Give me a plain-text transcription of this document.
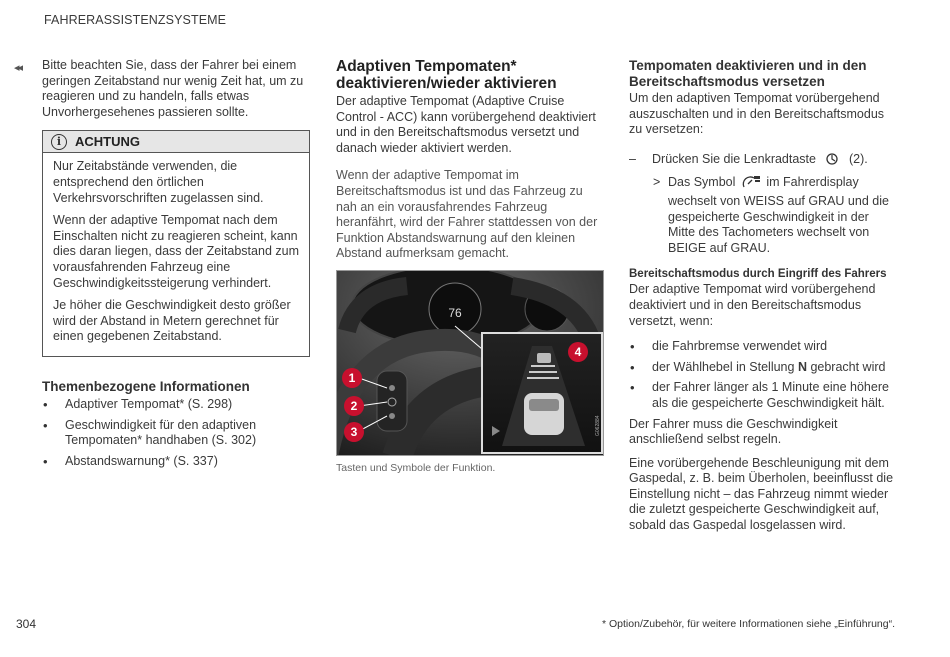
FAHRERASSISTENZSYSTEME
◂◂ Bitte beachten Sie, dass der Fahrer bei einem geringen Zeitabstand nur wenig Zeit hat, um zu reagieren und zu handeln, falls etwas Unvorhergesehenes passieren sollte.

i	ACHTUNG

Nur Zeitabstände verwenden, die entsprechend den örtlichen Verkehrsvorschriften zugelassen sind.

Wenn der adaptive Tempomat nach dem Einschalten nicht zu reagieren scheint, kann dies daran liegen, dass der Zeitabstand zum vorausfahrenden Fahrzeug eine Geschwindigkeitssteigerung verhindert.

Je höher die Geschwindigkeit desto größer wird der Abstand in Metern gerechnet für einen gegebenen Zeitabstand.

Themenbezogene Informationen
• Adaptiver Tempomat* (S. 298)
• Geschwindigkeit für den adaptiven Tempomaten* handhaben (S. 302)
• Abstandswarnung* (S. 337)
Adaptiven Tempomaten*
deaktivieren/wieder aktivieren

Der adaptive Tempomat (Adaptive Cruise Control - ACC) kann vorübergehend deaktiviert und in den Bereitschaftsmodus versetzt und danach wieder aktiviert werden.

Wenn der adaptive Tempomat im Bereitschaftsmodus ist und das Fahrzeug zu nah an ein vorausfahrendes Fahrzeug heranfährt, wird der Fahrer stattdessen von der Funktion Abstandswarnung auf den kleinen Abstand aufmerksam gemacht.

76
G062884
1
2
3
4
Tasten und Symbole der Funktion.
Tempomaten deaktivieren und in den
Bereitschaftsmodus versetzen

Um den adaptiven Tempomat vorübergehend auszuschalten und in den Bereitschaftsmodus zu versetzen:

– Drücken Sie die Lenkradtaste	(2).
> Das Symbol im Fahrerdisplay wechselt von WEISS auf GRAU und die gespeicherte Geschwindigkeit in der Mitte des Tachometers wechselt von BEIGE auf GRAU.
Bereitschaftsmodus durch Eingriff des Fahrers

Der adaptive Tempomat wird vorübergehend deaktiviert und in den Bereitschaftsmodus versetzt, wenn:

• die Fahrbremse verwendet wird
• der Wählhebel in Stellung N gebracht wird
• der Fahrer länger als 1 Minute eine höhere als die gespeicherte Geschwindigkeit hält.

Der Fahrer muss die Geschwindigkeit anschließend selbst regeln.

Eine vorübergehende Beschleunigung mit dem Gaspedal, z. B. beim Überholen, beeinflusst die Einstellung nicht – das Fahrzeug nimmt wieder die zuletzt gespeicherte Geschwindigkeit auf, sobald das Gaspedal losgelassen wird.

304	* Option/Zubehör, für weitere Informationen siehe „Einführung“.
